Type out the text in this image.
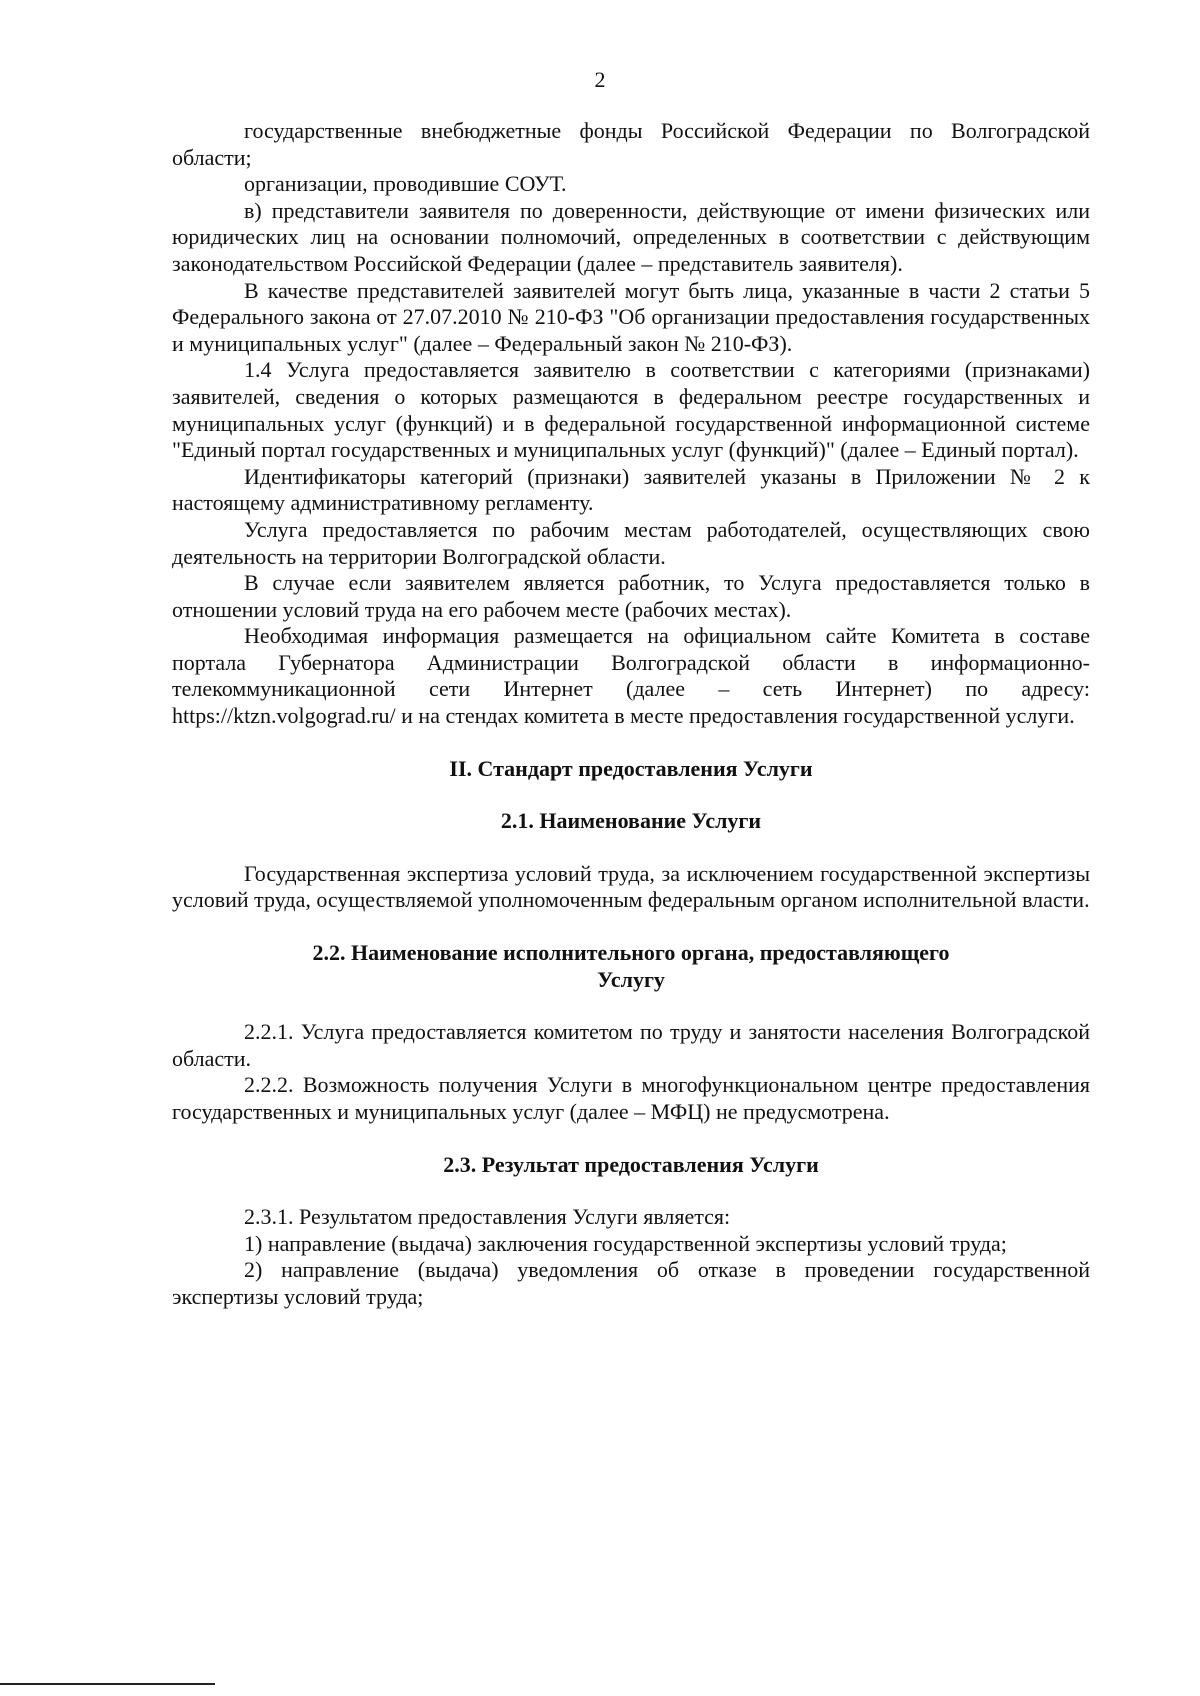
2

государственные внебюджетные фонды Российской Федерации по Волгоградской области;

организации, проводившие СОУТ.

в) представители заявителя по доверенности, действующие от имени физических или юридических лиц на основании полномочий, определенных в соответствии с действующим законодательством Российской Федерации (далее – представитель заявителя).

В качестве представителей заявителей могут быть лица, указанные в части 2 статьи 5 Федерального закона от 27.07.2010 № 210-ФЗ "Об организации предоставления государственных и муниципальных услуг" (далее – Федеральный закон № 210-ФЗ).

1.4 Услуга предоставляется заявителю в соответствии с категориями (признаками) заявителей, сведения о которых размещаются в федеральном реестре государственных и муниципальных услуг (функций) и в федеральной государственной информационной системе "Единый портал государственных и муниципальных услуг (функций)" (далее – Единый портал).

Идентификаторы категорий (признаки) заявителей указаны в Приложении № 2 к настоящему административному регламенту.

Услуга предоставляется по рабочим местам работодателей, осуществляющих свою деятельность на территории Волгоградской области.

В случае если заявителем является работник, то Услуга предоставляется только в отношении условий труда на его рабочем месте (рабочих местах).

Необходимая информация размещается на официальном сайте Комитета в составе портала Губернатора Администрации Волгоградской области в информационно-телекоммуникационной сети Интернет (далее – сеть Интернет) по адресу: https://ktzn.volgograd.ru/ и на стендах комитета в месте предоставления государственной услуги.

II. Стандарт предоставления Услуги

2.1. Наименование Услуги

Государственная экспертиза условий труда, за исключением государственной экспертизы условий труда, осуществляемой уполномоченным федеральным органом исполнительной власти.

2.2. Наименование исполнительного органа, предоставляющего

Услугу

2.2.1. Услуга предоставляется комитетом по труду и занятости населения Волгоградской области.

2.2.2. Возможность получения Услуги в многофункциональном центре предоставления государственных и муниципальных услуг (далее – МФЦ) не предусмотрена.

2.3. Результат предоставления Услуги

2.3.1. Результатом предоставления Услуги является:

1) направление (выдача) заключения государственной экспертизы условий труда;

2) направление (выдача) уведомления об отказе в проведении государственной экспертизы условий труда;
